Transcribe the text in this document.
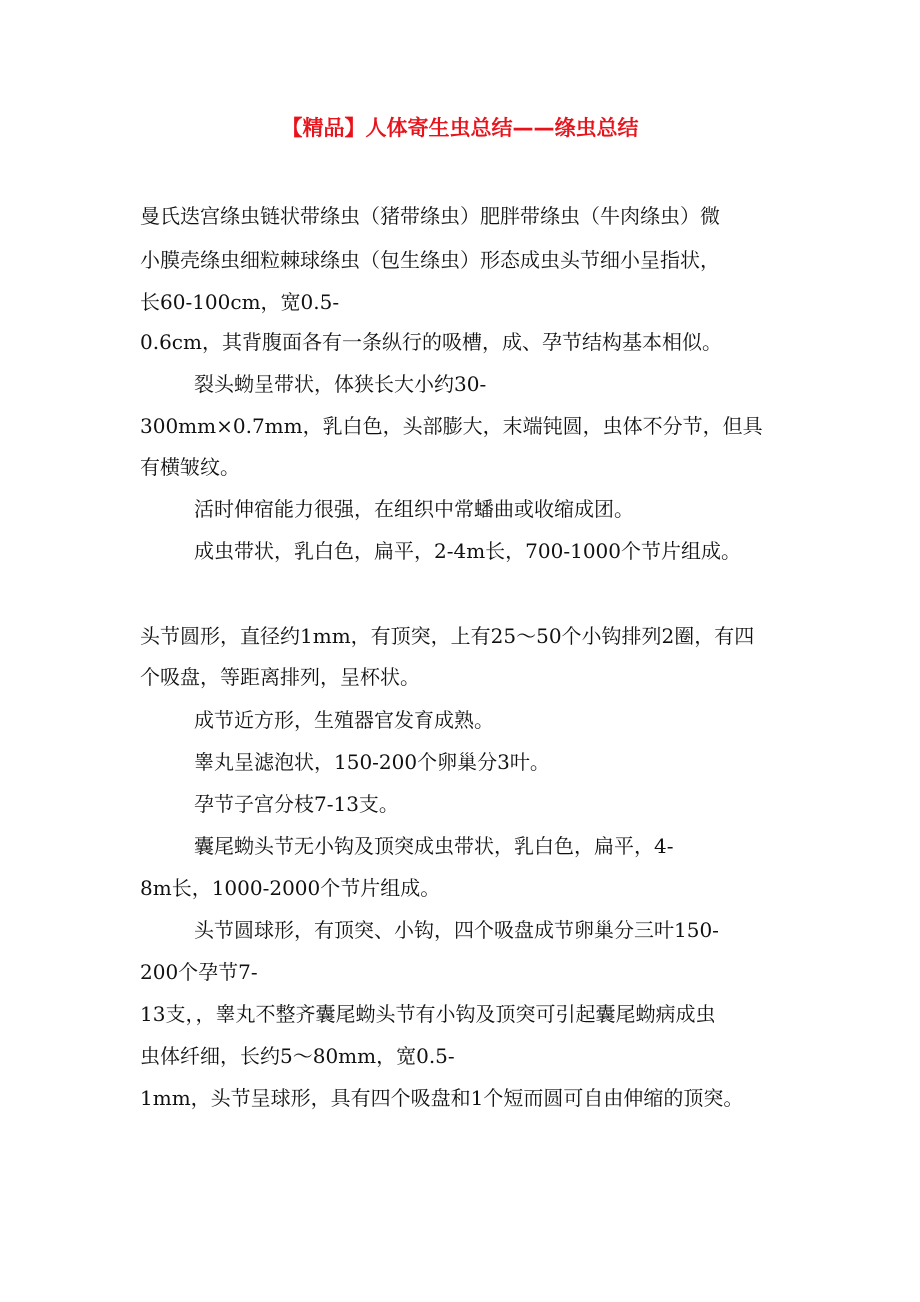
【精品】人体寄生虫总结——绦虫总结
曼氏迭宫绦虫链状带绦虫（猪带绦虫）肥胖带绦虫（牛肉绦虫）微
小膜壳绦虫细粒棘球绦虫（包生绦虫）形态成虫头节细小呈指状，
长60-100cm，宽0.5-
0.6cm，其背腹面各有一条纵行的吸槽，成、孕节结构基本相似。
裂头蚴呈带状，体狭长大小约30-
300mm×0.7mm，乳白色，头部膨大，末端钝圆，虫体不分节，但具
有横皱纹。
活时伸宿能力很强，在组织中常蟠曲或收缩成团。
成虫带状，乳白色，扁平，2-4m长，700-1000个节片组成。
头节圆形，直径约1mm，有顶突，上有25～50个小钩排列2圈，有四
个吸盘，等距离排列，呈杯状。
成节近方形，生殖器官发育成熟。
睾丸呈滤泡状，150-200个卵巢分3叶。
孕节子宫分枝7-13支。
囊尾蚴头节无小钩及顶突成虫带状，乳白色，扁平，4-
8m长，1000-2000个节片组成。
头节圆球形，有顶突、小钩，四个吸盘成节卵巢分三叶150-
200个孕节7-
13支，，睾丸不整齐囊尾蚴头节有小钩及顶突可引起囊尾蚴病成虫
虫体纤细，长约5～80mm，宽0.5-
1mm，头节呈球形，具有四个吸盘和1个短而圆可自由伸缩的顶突。
